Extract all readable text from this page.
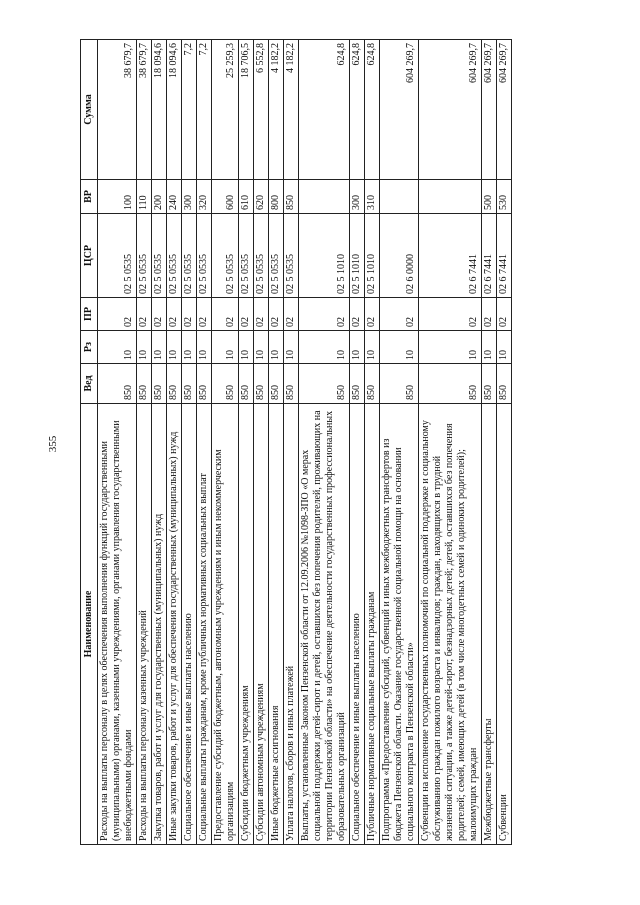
355
Наименование	Вед	Рз	ПР	ЦСР	ВР	Сумма
Расходы на выплаты персоналу в целях обеспечения выполнения функций государственными (муниципальными) органами, казенными учреждениями, органами управления государственными внебюджетными фондами	850	10	02	02 5 0535	100	38 679,7
Расходы на выплаты персоналу казенных учреждений	850	10	02	02 5 0535	110	38 679,7
Закупка товаров, работ и услуг для государственных (муниципальных) нужд	850	10	02	02 5 0535	200	18 094,6
Иные закупки товаров, работ и услуг для обеспечения государственных (муниципальных) нужд	850	10	02	02 5 0535	240	18 094,6
Социальное обеспечение и иные выплаты населению	850	10	02	02 5 0535	300	7,2
Социальные выплаты гражданам, кроме публичных нормативных социальных выплат	850	10	02	02 5 0535	320	7,2
Предоставление субсидий бюджетным, автономным учреждениям и иным некоммерческим организациям	850	10	02	02 5 0535	600	25 259,3
Субсидии бюджетным учреждениям	850	10	02	02 5 0535	610	18 706,5
Субсидии автономным учреждениям	850	10	02	02 5 0535	620	6 552,8
Иные бюджетные ассигнования	850	10	02	02 5 0535	800	4 182,2
Уплата налогов, сборов и иных платежей	850	10	02	02 5 0535	850	4 182,2
Выплаты, установленные Законом Пензенской области от 12.09.2006 №1098-ЗПО «О мерах социальной поддержки детей-сирот и детей, оставшихся без попечения родителей, проживающих на территории Пензенской области» на обеспечение деятельности государственных профессиональных образовательных организаций	850	10	02	02 5 1010		624,8
Социальное обеспечение и иные выплаты населению	850	10	02	02 5 1010	300	624,8
Публичные нормативные социальные выплаты гражданам	850	10	02	02 5 1010	310	624,8
Подпрограмма «Предоставление субсидий, субвенций и иных межбюджетных трансфертов из бюджета Пензенской области. Оказание государственной социальной помощи на основании социального контракта в Пензенской области»	850	10	02	02 6 0000		604 269,7
Субвенции на исполнение государственных полномочий по социальной поддержке и социальному обслуживанию граждан пожилого возраста и инвалидов; граждан, находящихся в трудной жизненной ситуации, а также детей-сирот; безнадзорных детей; детей, оставшихся без попечения родителей; семей, имеющих детей (в том числе многодетных семей и одиноких родителей); малоимущих граждан	850	10	02	02 6 7441		604 269,7
Межбюджетные трансферты	850	10	02	02 6 7441	500	604 269,7
Субвенции	850	10	02	02 6 7441	530	604 269,7
